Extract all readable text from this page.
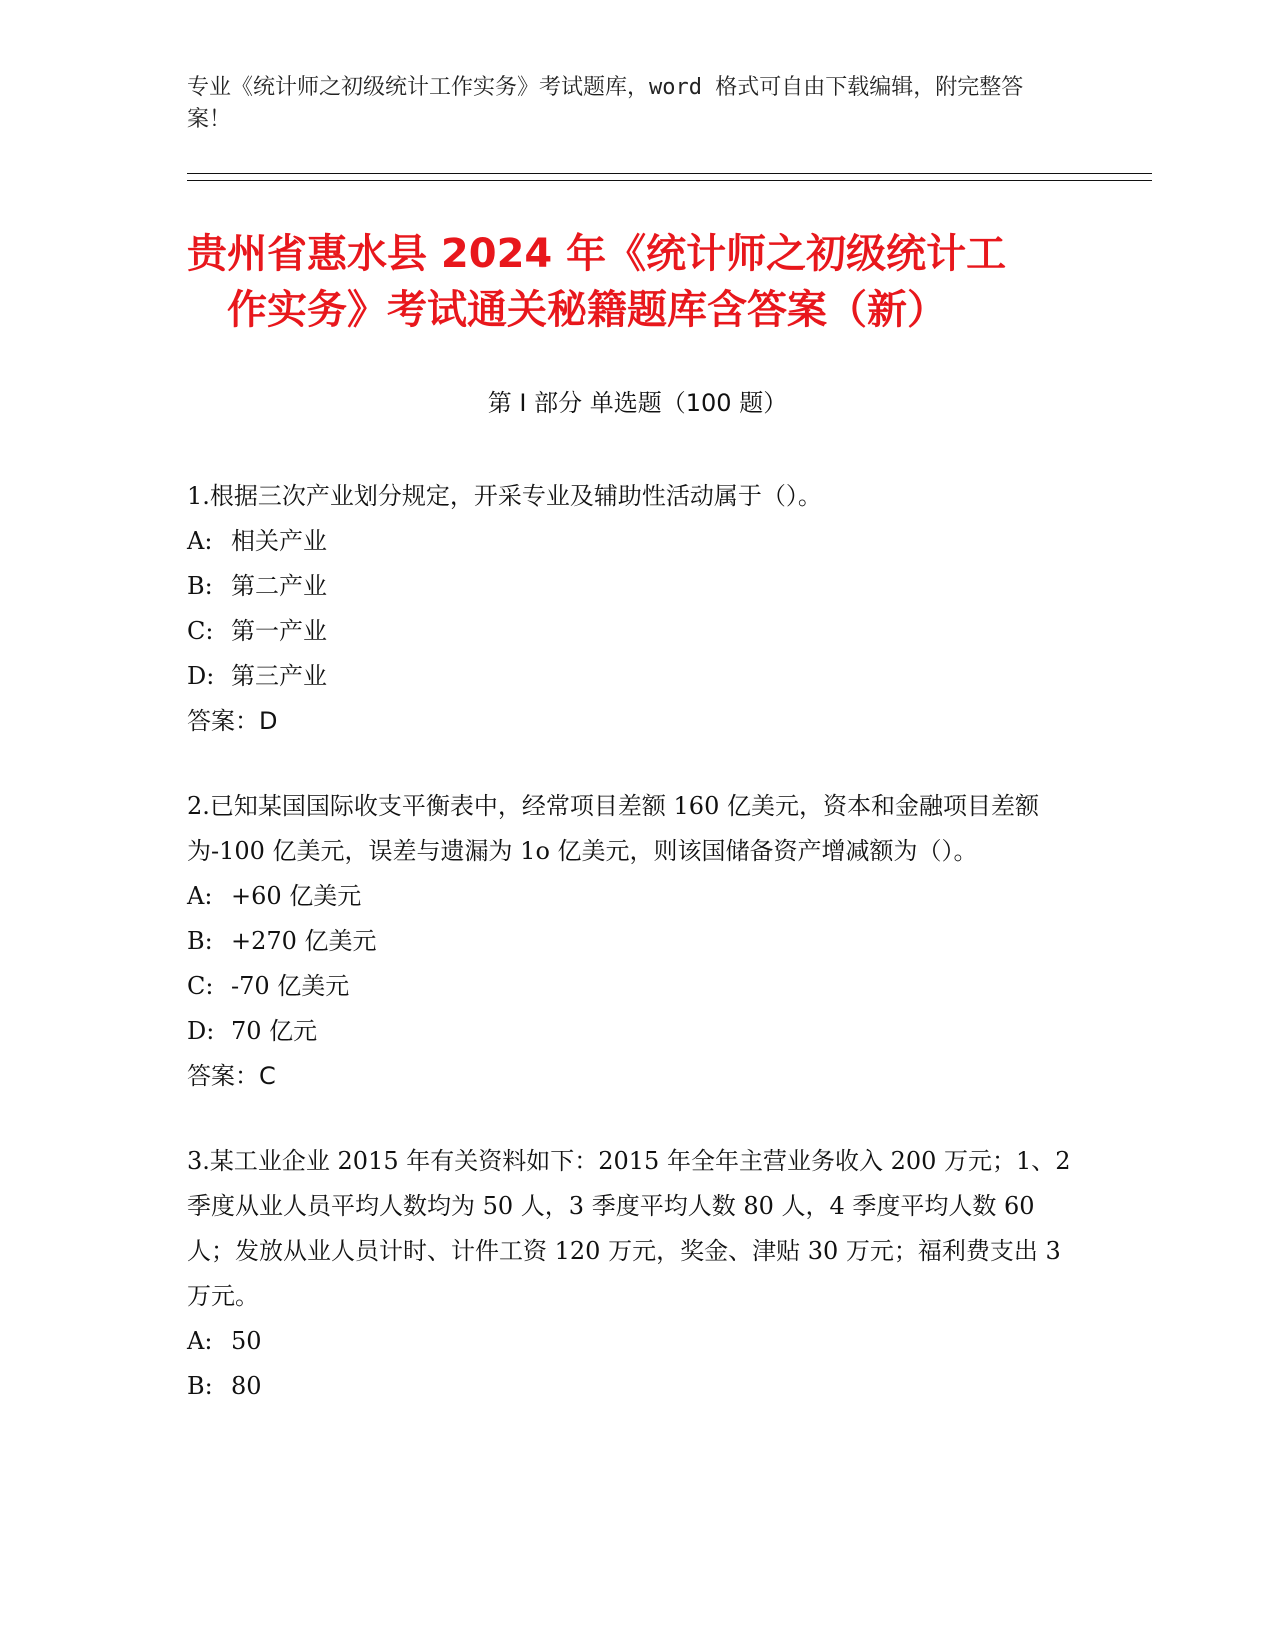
专业《统计师之初级统计工作实务》考试题库，word 格式可自由下载编辑，附完整答案！
贵州省惠水县 2024 年《统计师之初级统计工
作实务》考试通关秘籍题库含答案（新）
第 I 部分 单选题（100 题）

1.根据三次产业划分规定，开采专业及辅助性活动属于（）。

A: 相关产业

B: 第二产业

C: 第一产业

D: 第三产业

答案：D

2.已知某国国际收支平衡表中，经常项目差额 160 亿美元，资本和金融项目差额为-100 亿美元，误差与遗漏为 1o 亿美元，则该国储备资产增减额为（）。

A: +60 亿美元

B: +270 亿美元

C: -70 亿美元

D: 70 亿元

答案：C

3.某工业企业 2015 年有关资料如下：2015 年全年主营业务收入 200 万元；1、2 季度从业人员平均人数均为 50 人，3 季度平均人数 80 人，4 季度平均人数 60 人；发放从业人员计时、计件工资 120 万元，奖金、津贴 30 万元；福利费支出 3 万元。

A: 50

B: 80
